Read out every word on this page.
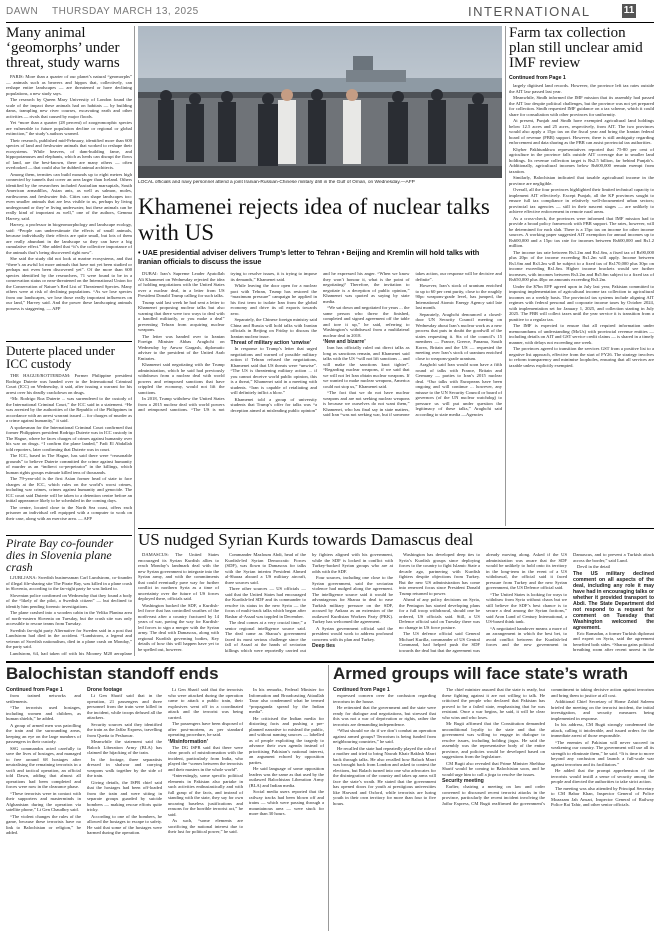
DAWN THURSDAY MARCH 13, 2025	INTERNATIONAL	11
Many animal ‘geomorphs’ under threat, study warns

PARIS: More than a quarter of our planet’s natural “geomorphs” — animals such as beavers and hippos that, collectively, can reshape entire landscapes — are threatened or have declining populations, a new study says.

The research by Queen Mary University of London found the scale of the impact these animals had on habitats — by building dams, trampling new river courses, excavating earth and other activities — rivals that caused by major floods.

Yet “more than a quarter (28 percent) of zoogeomorphic species are vulnerable to future population decline or regional or global extinction,” the study’s authors warned.

Their research, published mid-February, identified more than 600 species of land and freshwater animals that worked to reshape their ecosystems. While beavers, of dam-building fame, and hippopotamuses and elephants, which as herds can disrupt the flows of land, are the best-known, there are many others — often overlooked — that could also be dubbed animal architects.

Among them, termites can build mounds up to eight metres high connected by tunnels that cover an area larger than Iceland. Others identified by the researchers included Australian marsupials, South American armadillos, Asian ants, as well as salmon, moles, earthworms and freshwater fish. Cities can shape landscapes too: even smaller animals that are less visible to us, perhaps by living underground or they’re living underwater, but these animals can be really kind of important as well,” one of the authors, Gemma Harvey, said.

Harvey, a professor in biogeomorphology and landscape ecology, said: “People can underestimate the effects of small animals, because individually their effects are quite small, but lots of them are really abundant in the landscape so they can have a big cumulative effect.” She added that “it’s the collective importance of the animals that’s being discovered right now”.

She said the study did not look at marine ecosystems, and that “there’s an awful lot more animals that have not yet been studied or perhaps not even been discovered yet”. Of the more than 600 species identified by the researchers, 71 were found to be in a conservation status or near-threatened on the International Union for the Conservation of Nature’s Red List of Threatened Species. Many others were at risk of declining populations. “As we lose species from our landscapes, we lose those really important influences on our land,” Harvey said. And the power these landscaping animals possess is staggering. — AFP

Duterte placed under ICC custody

THE HAGUE/ROTTERDAM: Former Philippine president Rodrigo Duterte was handed over to the International Criminal Court (ICC) on Wednesday, it said, after issuing a warrant for his arrest over his deadly crackdown on drugs.

“Mr. Rodrigo Roa Duterte ... was surrendered to the custody of the International Criminal Court,” the ICC said in a statement. “He was arrested by the authorities of the Republic of the Philippines in accordance with an arrest warrant issued ... for charges of murder as a crime against humanity,” it said.

A spokesman for the International Criminal Court confirmed that former Philippines president Rodrigo Duterte was in ICC custody in The Hague, where he faces charges of crimes against humanity over his war on drugs. “I confirm the plane landed,” Fadi El Abdallah told reporters, later confirming that Duterte was in court.

The ICC, based in The Hague, has said there were “reasonable grounds” to believe Duterte committed the crime against humanity of murder as an “indirect co-perpetrator” in the killings, which human rights groups estimate killed tens of thousands.

The 79-year-old is the first Asian former head of state to face charges at the ICC, which rules on the world’s worst crimes, including war crimes, crimes against humanity and genocide. The ICC court said Duterte will be taken to a detention centre before an initial appearance likely to be scheduled in the coming days.

The centre, located close to the North Sea coast, offers each prisoner an individual cell equipped with a computer to work on their case, along with an exercise area. — AFP

Pirate Bay co-founder dies in Slovenia plane crash

LJUBLJANA: Swedish businessman Carl Lundstrom, co-founder of illegal file-sharing site The Pirate Bay, was killed in a plane crash in Slovenia, according to the far-right party he was linked to.

Slovenian police confirmed on Wednesday that they found a body of the “likely of the pilot, a Swedish citizen” — but declined to identify him pending forensic investigations.

The plane crashed into a wooden cabin in the Velika Planina area of north-eastern Slovenia on Tuesday, but the crash site was only accessible to rescue teams from Tuesday.

Swedish far-right party Alternative for Sweden said in a post that Lundstrom had died in the accident. “Lundstrom, a legend and veteran of Swedish nationalism, died in a plane crash on Monday,” the party said.

Lundstrom, 64, had taken off with his Mooney M20 aeroplane

LOCAL officials and navy personnel attend a joint Iranian-Russian-Chinese military drill in the Gulf of Oman, on Wednesday.—AFP
Khamenei rejects idea of nuclear talks with US
• UAE presidential adviser delivers Trump’s letter to Tehran • Beijing and Kremlin will hold talks with Iranian officials to discuss the issue

DUBAI: Iran’s Supreme Leader Ayatollah Ali Khamenei on Wednesday rejected the idea of holding negotiations with the United States over a nuclear deal, in a letter from US President Donald Trump calling for such talks.

Trump said last week he had sent a letter to Khamenei proposing nuclear talks but also warning that there were two ways to deal with a handled militarily, or you make a deal” preventing Tehran from acquiring nuclear weapons.

The letter was handed over to Iranian Foreign Minister Abbas Araghchi on Wednesday by Anwar Gargash, diplomatic adviser to the president of the United Arab Emirates.

Khamenei said negotiating with the Trump administration, which he said had previously withdrawn from a nuclear deal with world powers and reimposed sanctions that have crippled the economy, would not lift the sanctions.

In 2018, Trump withdrew the United States from a 2015 nuclear deal with world powers and reimposed sanctions. “The US is not trying to resolve issues, it is trying to impose its demands,” Khamenei said.

While leaving the door open for a nuclear pact with Tehran, Trump has restored the “maximum pressure” campaign he applied in his first term to isolate Iran from the global economy and drive its oil exports towards zero.

Separately, the Chinese foreign ministry said China and Russia will hold talks with Iranian officials in Beijing on Friday to discuss the Iranian nuclear issue.

Threat of military action ‘unwise’

In response to Trump’s letter that urged negotiations and warned of possible military action if Tehran refused the negotiations, Khamenei said that US threats were “unwise”. “The US is threatening military action ... if you cannot deceive world public opinion, this is a threat,” Khamenei said in a meeting with students. “Iran is capable of retaliating and will definitely inflict a blow.”

Khamenei told a group of university students that Trump’s offer for talks was “a deception aimed at misleading public opinion” and he expressed his anger. “When we know they won’t honour it, what is the point of negotiating? Therefore, the invitation to negotiate is a deception of public opinion,” Khamenei was quoted as saying by state media.

“We sat down and negotiated for years ... the same person who threw the finished, completed and signed agreement off the table and tore it up,” he said, referring to Washington’s withdrawal from a multilateral nuclear deal in 2018.

‘New and bizarre’

Iran has officially ruled out direct talks as long as sanctions remain, and Khamenei said talks with the US “will not lift sanctions ... and will make the sanctions knot tighter”. “Regarding nuclear weapons, if we said that we will not let Iran obtain nuclear weapons. If we wanted to make nuclear weapons, America could not stop us,” Khamenei said.

“The fact that we do not have nuclear weapons and are not seeking nuclear weapons is because we ourselves do not want them,” Khamenei, who has final say in state matters, said Iran “was not seeking war, but if someone takes action, our response will be decisive and definite”.

However, Iran’s stock of uranium enriched to up to 60 per cent purity, close to the roughly 90pc weapons-grade level, has jumped, the International Atomic Energy Agency said late last month.

Separately, Araghchi denounced a closed-door UN Security Council meeting on Wednesday about Iran’s nuclear work as a new process that puts in doubt the goodwill of the states requesting it. Six of the council’s 15 members — France, Greece, Panama, South Korea, Britain and the US — requested the meeting over Iran’s stock of uranium enriched close to weapons-grade uranium.

Araghchi said Iran would soon have a fifth round of talks with France, Britain and Germany — parties to Iran’s 2015 nuclear deal. “Our talks with Europeans have been ongoing and will continue ... however, any misuse to the UN Security Council or board of governors (of the UN nuclear watchdog) to pressure us will put under question the legitimacy of these talks,” Araghchi said according to state media —Agencies

Farm tax collection plan still unclear amid IMF review
Continued from Page 1

largely digitised land records. However, the province left tax rates outside the AIT law passed last year.

Meanwhile, Sindh informed the IMF mission that its assembly had passed the AIT law despite political challenges, but the province was not yet prepared for collection. Sindh requested IMF guidance on a tax scheme, which it could share for consultation with other provinces for uniformity.

At present, Punjab and Sindh have exempted agricultural land holdings below 12.5 acres and 25 acres, respectively, from AIT. The two provinces would also apply a 15pc tax on the fiscal year and bring the Iranian federal board of revenue (FBR) support. However, there is still ambiguity regarding enforcement and data sharing as the FBR can assist provincial tax authorities.

Khyber Pakhtunkhwa representatives reported that 75-80 per cent of agriculture in the province falls outside AIT coverage due to smaller land holdings. Its revenue collection target is Rs2.5 billion, far behind Punjab’s. Additionally, agricultural incomes below Rs600,000 remain exempt from taxation.

Similarly, Balochistan indicated that taxable agricultural income in the province are negligible.

Overall, all the four provinces highlighted their limited technical capacity to implement AIT effectively. Except Punjab, all the KP provinces sought to ensure full tax compliance in relatively well-documented urban sectors; provincial tax agencies — still in their nascent stages — are unlikely to achieve effective enforcement in remote rural areas.

As a cross-check, the provinces were informed that IMF mission had to provide a broad policy framework with FBR support. The rates, however, will be determined for each slab. There is a 15pc tax on income for other income sources. A working paper suggested AIT exemption for annual incomes up to Rs600,000 and a 15pc tax rate for incomes between Rs600,000 and Rs1.2 million.

The income tax rate between Rs1.2m and Rs1.6m, a fixed tax of Rs90,000 plus 20pc of the income exceeding Rs1.2m will apply. Income between Rs1.6m and Rs3.2m will be subject to a fixed tax of Rs170,000 plus 30pc on income exceeding Rs1.6m. Higher income brackets would see further increases, with incomes between Rs3.2m and Rs5.6m subject to a fixed tax of Rs650,000 plus 40pc on amounts exceeding Rs3.2m.

Under the $7bn EFF agreed upon in July last year, Pakistan committed to imposing implementation of agricultural income tax collection to agricultural incomes on a weekly basis. The provincial tax systems include aligning AIT regimes with federal personal and corporate income taxes by October 2024, with implementation set for January 1, 2025, and collection starting in July 2025. The FBR will collect taxes until the year service it is transition from a punitive to a regular tax.

The IMF is expected to ensure that all required information under memorandums of understanding (MoUs) with provincial revenue entities — including details on AIT and GST service credit claims — is shared in a timely manner, with delays not exceeding one week.

The provinces agreed to transition the services GST from a positive list to a negative list approach, effective from the start of FY26. The strategy involves to reform transparency and minimise loopholes, ensuring that all services are taxable unless explicitly exempted.

US nudged Syrian Kurds towards Damascus deal

DAMASCUS: The United States encouraged its Syrian Kurdish allies to reach Monday’s landmark deal with the new Syrian government to integrate into the Syrian army, and with the commitments that could eventually pave way for further conflict in northern Syria as a time of uncertainty over the future of US forces deployed there, officials said.

Washington backed the SDF, a Kurdish-led force that has controlled swathes of the north-east after a country fractured by 14 years of war, paving the way for Kurdish-led forces to sign a merger with the Syrian army. The deal with Damascus, along with regional Kurdish governing bodies, Key details of how this will happen have yet to be spelled out, however.

Commander Mazloum Abdi, head of the Kurdish-led Syrian Democratic Forces (SDF), was flown to Damascus for talks with the Syrian interim President Ahmed al-Sharaa aboard a US military aircraft, three sources said.

Three other sources — US officials — said that the United States had encouraged the Kurdish-led SDF and its commander to resolve its status in the new Syria — the focus of multi-track talks which began after Bashar al-Assad was toppled in December.

The deal comes at a very crucial time,” a senior regional intelligence source said. The deal came as Sharaa’s government faced its most serious challenge since the fall of Assad at the hands of sectarian killings which were reportedly carried out by fighters aligned with his government, while the SDF is locked in conflict with Turkey-backed Syrian groups who are at odds with the SDF.

Four sources, including one close to the Syrian government, said the sectarian violence had nudged along the agreement. The intelligence source said it would be advantageous for Sharaa to deal to ease Turkish military pressure on the SDF, accused by Ankara as an extension of the outlawed Kurdistan Workers Party (PKK). Turkey has welcomed the agreement.

A Syrian government official said the president would work to address profound concerns with its plan and Turkey.

Deep ties

Washington has developed deep ties to Syria’s Kurdish groups since deploying forces to the country to fight Islamic State a decade ago, partnering with Kurdish fighters despite objections from Turkey. But the new US administration has come into renewed focus since President Donald Trump returned to power.

Ahead of any policy decisions on Syria, the Pentagon has started developing plans for a full troop withdrawal, should one be ordered, US officials said. Still, a US Defence official said on Tuesday there was no change in US force posture.

The US defence official said General Michael Kurilla, commander of US Central Command, had helped push the SDF towards the deal but that the agreement was already moving along. Asked if the US administration was aware that the SDF would be unlikely to hold onto its territory in the long-term in the event of a US withdrawal, the official said it faced pressure from Turkey and the new Syrian government, the US Defence official said.

“The United States is looking for ways to withdraw from Syria without chaos but we still believe the SDF’s best chance is to secure a deal among the Syrian factions,” said Aron Lund of Century International, a US-based think tank.

“A negotiated handover means a more of an arrangement in which the best bet, to avoid conflict between the Kurdish-led forces and the new government in Damascus, and to prevent a Turkish attack across the border,” said Lund.

Devil in the detail

The US military declined comment on all aspects of the deal, including any role it may have had in encouraging talks or whether it provided transport to Abdi. The State Department did not respond to a request for comment on Tuesday that Washington welcomed the agreement.

Eric Ramadan, a former Turkish diplomat and expert on Syria, said the agreement benefited both sides. “Sharaa gains political breathing room after recent unrest in the

Balochistan standoff ends
Continued from Page 1

from trained networks and settlements.

“The terrorists used hostages, including women and children, as human shields,” he added.

A group of armed men was patrolling the train and the surrounding areas, keeping an eye on the large numbers of passengers in their custody.

SSG commandos acted carefully to save the lives of hostages, and managed to free around 68 hostages after neutralising the remaining terrorists in a swift and tactical operation, an official told Dawn, adding that almost all operations had been completed and forces were now in the clearance phase.

“These terrorists were in contact with their supporters and masterminds in Afghanistan during the operation via satellite phone,” Lt Gen Chaudhry said.

“The violent changes the rules of the game, because these terrorists have no link to Balochistan or religion,” he added.

Drone footage

Lt Gen Sharif said that in the operation, 21 passengers and three personnel from the train were killed in the incident, while troops defused all the attackers.

Security sources said they identified the train as the Jaffar Express, travelling from Quetta to Peshawar.

Meanwhile the statement said the Baloch Liberation Army (BLA) has claimed the hijacking of the train.

In the footage, three separatists dressed in shalwar and carrying weapons walk together by the side of the train.

Giving details, the ISPR chief said that the hostages had been off-loaded from the train and were sitting in separate groups guarded by suicide bombers — making rescue efforts quite tricky.

According to one of the bombers, he allowed the hostages to escape to safety. He said that some of the hostages were harmed during the operation.

Lt Gen Sharif said that the terrorists who were attacked during the operation came to attack a public train, their explosives went off in a coordinated attack and the terrorist was being carried.

The passengers have been disposed of after post-mortem, as per standard operating procedure, he said.

‘Misinformation’

The DG ISPR said that there were clear proofs of misinformation with the incident, particularly from India, who played the “scenes between the terrorists and their masters in the whole world”.

“Interestingly, some specific political elements in Pakistan also partake in such activities enthusiastically and with full grasp of the facts, and instead of standing with the state, they say for own uncaring baseless justifications and reasons for the horrible terrorist act,” he said.

As such, “some elements are sacrificing the national interest due to their lust for political power,” he said.

In his remarks, Federal Minister for Information and Broadcasting Attaullah Tarar also condemned what he termed “propaganda spread by the Indian media”.

He criticised the Indian media for distorting facts and pushing a pre-planned narrative to mislead the public, and without naming sources — labelled as of people exploiting the tragedy to advance their own agenda instead of prioritising Pakistan’s national interest, an argument echoed by opposition parties.

He said language of some opposition leaders was the same as that used by the outlawed Balochistan Liberation Army (BLA) and Indian media.

Social media users reported that the railway tracks had been blown off and trains — which were passing through a mountainous area — were stuck for more than 30 hours.

Armed groups will face state’s wrath
Continued from Page 1

expressed concern over the confusion regarding terrorism in the house.

He reiterated that the government and the state were ready for dialogue and negotiations, but stressed that this was not a war of deprivation or rights, rather the terrorists are demanding independence.

“What should we do if we don’t combat an operation against armed groups? Terrorism is being funded from neighbouring countries,” he said.

He recalled the state had repeatedly played the role of a mother and tried to bring Nawab Khair Bakhsh Marri back through talks. He also recalled how Balach Marri was brought back from London and asked to contest the elections, but Balach turned into one who advocates for the disintegration of the country and takes up arms will face the state’s wrath. He stated that the government has opened doors for youth at prestigious universities like Harvard and Oxford, while terrorists are luring youth in their own territory for more than four to five hours.

The chief minister assured that the state is ready, but these fighting against it are not willing to talk. He criticised the people who declared that Pakistan has proved to be a failed state, emphasising that he was resistant. Once a war begins, he said, it will be clear who wins and who loses.

Mr Bugti affirmed that the Constitution demanded unconditional loyalty to the state and that the government was willing to engage in dialogue to resolve issues, including holding jirgas. He said the assembly was the representative body of the entire province, and policies would be developed based on suggestions from the legislature.

CM Bugti also revealed that Prime Minister Shehbaz Sharif would be coming to Balochistan soon, and he would urge him to call a jirga to resolve the issues.

Security meeting

Earlier, chairing a meeting on law and order convened to discussed recent terrorist attacks in the province, particularly the recent incident involving the Jaffar Express, CM Bugti reaffirmed the government’s commitment to taking decisive action against terrorism and bring them to justice at all cost.

Additional Chief Secretary of Home Zahid Saleem briefed the meeting on the terrorist incident, the initial investigation, and security measures being implemented in response.

In his address, CM Bugti strongly condemned the attack, calling it intolerable, and issued orders for the immediate arrest of those responsible.

“The enemies of Pakistan will never succeed in weakening our country. The government will use all its strength to eliminate them,” he said. “It is time to move beyond any confusion and launch a full-scale war against terrorism and its facilitators.”

He added that the prompt apprehension of the terrorists would instill a sense of security among the people and directed the authorities to take strict action.

The meeting was also attended by Principal Secretary to CM Babar Khan, Inspector General of Police Moazzam Jah Ansari, Inspector General of Railway Police Rai Tahir, and other senior officials.
